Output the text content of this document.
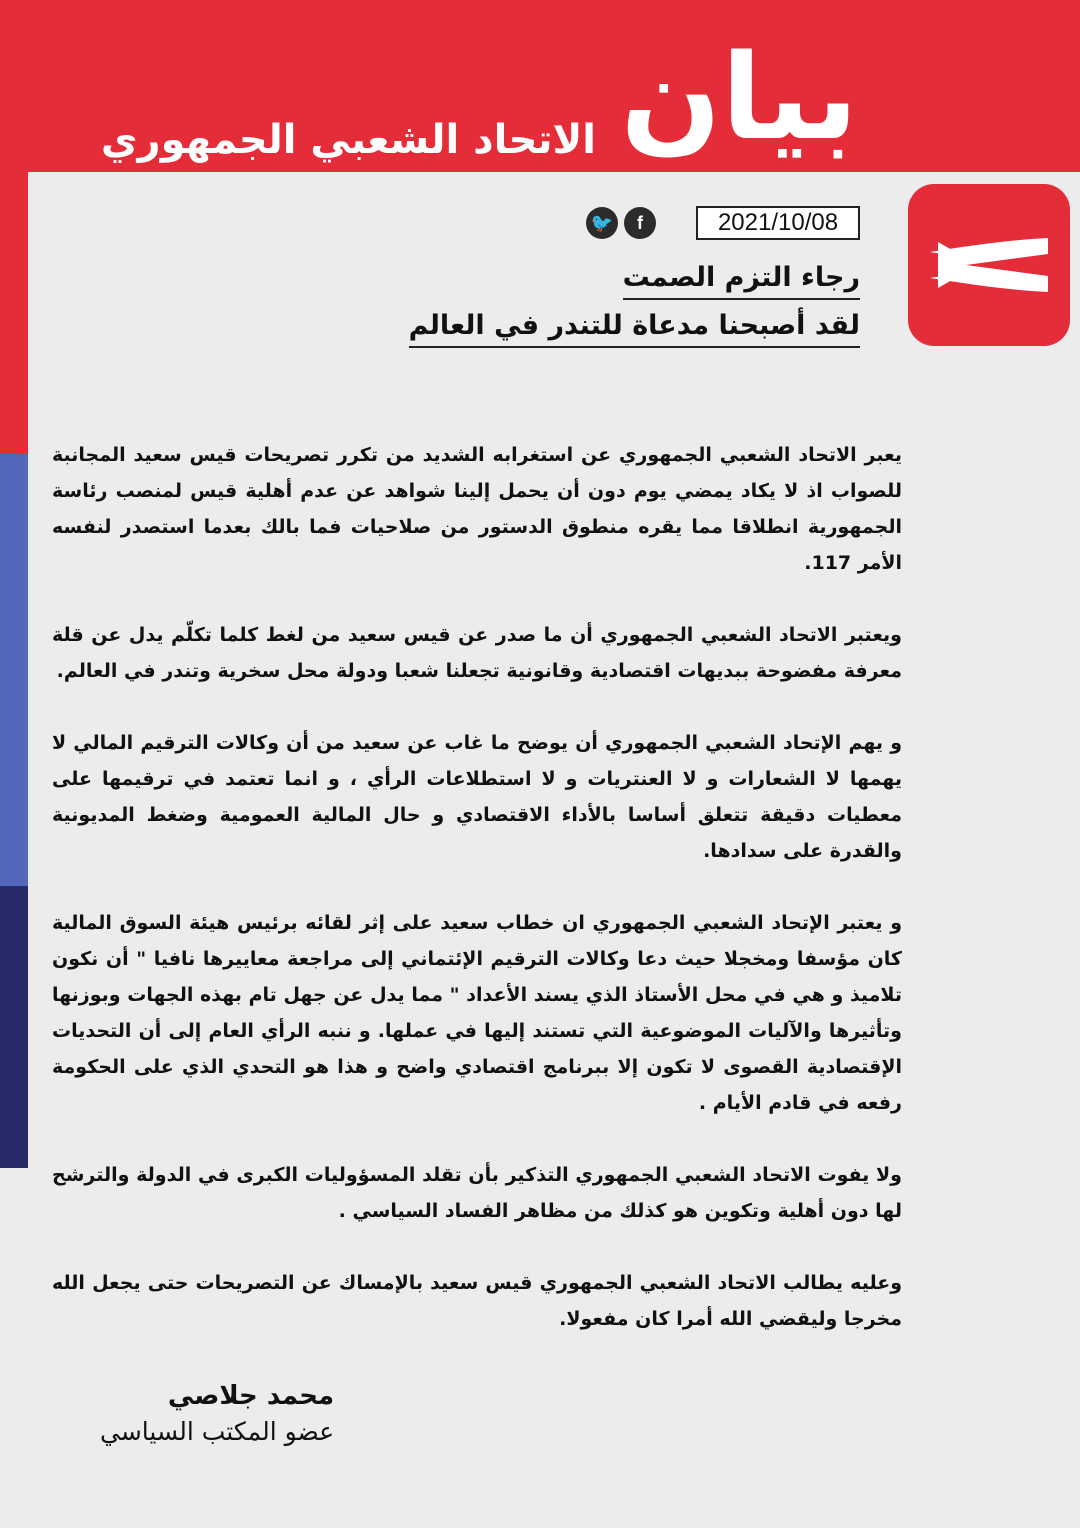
بيان
الاتحاد الشعبي الجمهوري
2021/10/08
🐦	f
رجاء التزم الصمت
لقد أصبحنا مدعاة للتندر في العالم

يعبر الاتحاد الشعبي الجمهوري عن استغرابه الشديد من تكرر تصريحات قيس سعيد المجانبة للصواب اذ لا يكاد يمضي يوم دون أن يحمل إلينا شواهد عن عدم أهلية قيس لمنصب رئاسة الجمهورية انطلاقا مما يقره منطوق الدستور من صلاحيات فما بالك بعدما استصدر لنفسه الأمر 117.

ويعتبر الاتحاد الشعبي الجمهوري أن ما صدر عن قيس سعيد من لغط كلما تكلّم يدل عن قلة معرفة مفضوحة ببديهات اقتصادية وقانونية تجعلنا شعبا ودولة محل سخرية وتندر في العالم.

و يهم الإتحاد الشعبي الجمهوري أن يوضح ما غاب عن سعيد من أن وكالات الترقيم المالي لا يهمها لا الشعارات و لا العنتريات و لا استطلاعات الرأي ، و انما تعتمد في ترقيمها على معطيات دقيقة تتعلق أساسا بالأداء الاقتصادي و حال المالية العمومية وضغط المديونية والقدرة على سدادها.

و يعتبر الإتحاد الشعبي الجمهوري ان خطاب سعيد على إثر لقائه برئيس هيئة السوق المالية كان مؤسفا ومخجلا حيث دعا وكالات الترقيم الإئتماني إلى مراجعة معاييرها نافيا " أن نكون تلاميذ و هي في محل الأستاذ الذي يسند الأعداد " مما يدل عن جهل تام بهذه الجهات وبوزنها وتأثيرها والآليات الموضوعية التي تستند إليها في عملها. و ننبه الرأي العام إلى أن التحديات الإقتصادية القصوى لا تكون إلا ببرنامج اقتصادي واضح و هذا هو التحدي الذي على الحكومة رفعه في قادم الأيام .

ولا يفوت الاتحاد الشعبي الجمهوري التذكير بأن تقلد المسؤوليات الكبرى في الدولة والترشح لها دون أهلية وتكوين هو كذلك من مظاهر الفساد السياسي .

وعليه يطالب الاتحاد الشعبي الجمهوري قيس سعيد بالإمساك عن التصريحات حتى يجعل الله مخرجا وليقضي الله أمرا كان مفعولا.

محمد جلاصي
عضو المكتب السياسي
